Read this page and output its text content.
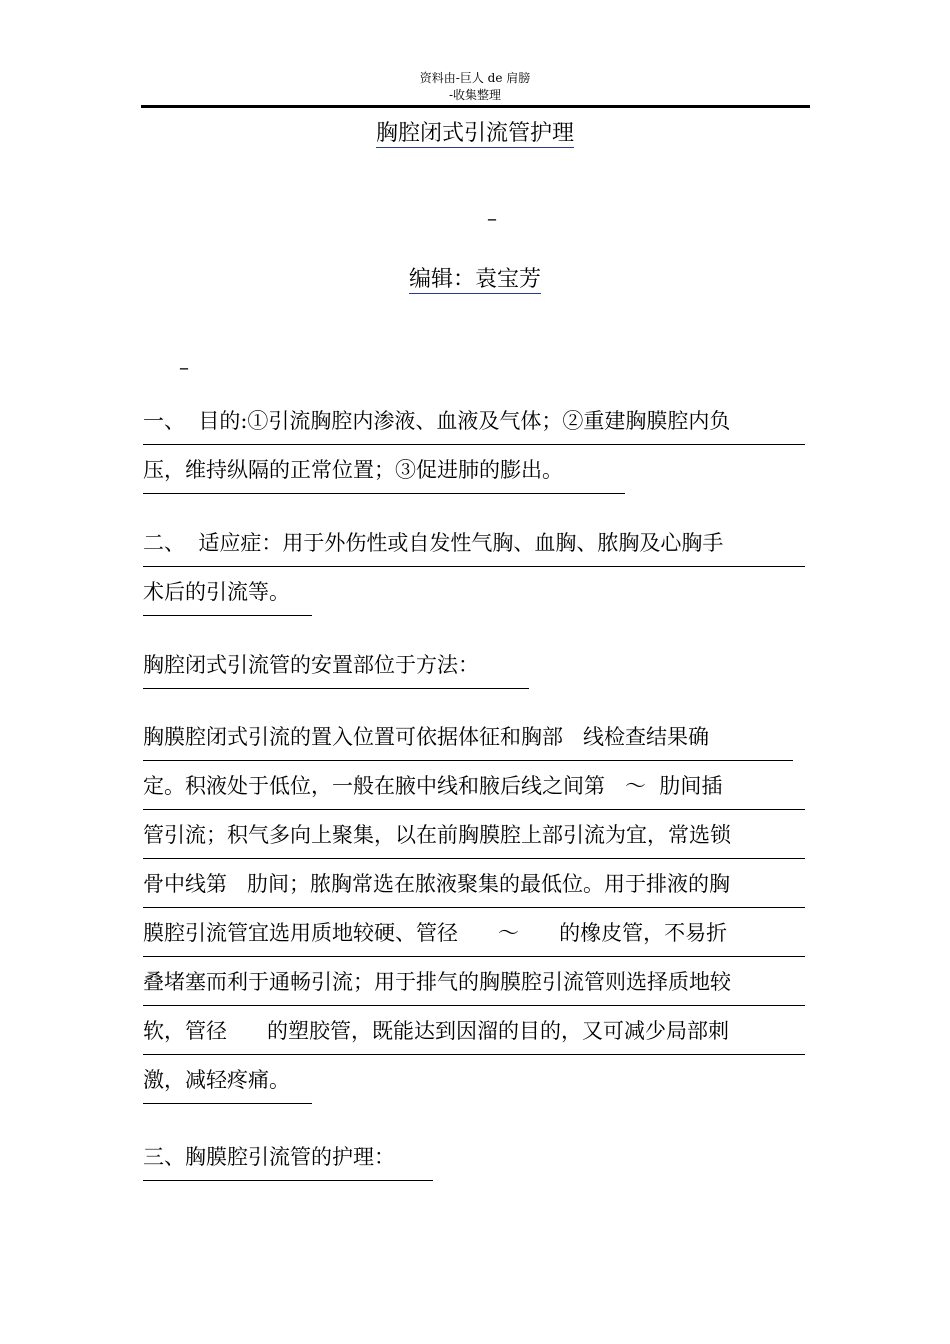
资料由-巨人 de 肩膀
-收集整理
胸腔闭式引流管护理
–
编辑：袁宝芳
–
一、  目的:①引流胸腔内渗液、血液及气体；②重建胸膜腔内负
压，维持纵隔的正常位置；③促进肺的膨出。
二、  适应症：用于外伤性或自发性气胸、血胸、脓胸及心胸手
术后的引流等。
胸腔闭式引流管的安置部位于方法：
胸膜腔闭式引流的置入位置可依据体征和胸部   线检查结果确
定。积液处于低位，一般在腋中线和腋后线之间第   ～  肋间插
管引流；积气多向上聚集，以在前胸膜腔上部引流为宜，常选锁
骨中线第   肋间；脓胸常选在脓液聚集的最低位。用于排液的胸
膜腔引流管宜选用质地较硬、管径      ～      的橡皮管，不易折
叠堵塞而利于通畅引流；用于排气的胸膜腔引流管则选择质地较
软，管径      的塑胶管，既能达到因溜的目的，又可减少局部刺
激，减轻疼痛。
三、胸膜腔引流管的护理：
